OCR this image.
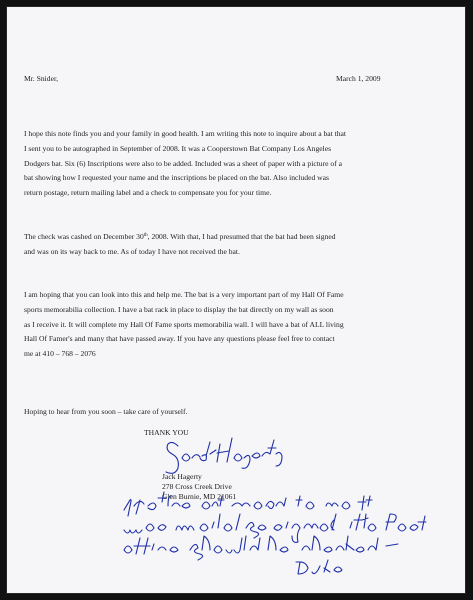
Mr. Snider,	March 1, 2009
I hope this note finds you and your family in good health. I am writing this note to inquire about a bat that
I sent you to be autographed in September of 2008. It was a Cooperstown Bat Company Los Angeles
Dodgers bat. Six (6) Inscriptions were also to be added. Included was a sheet of paper with a picture of a
bat showing how I requested your name and the inscriptions be placed on the bat. Also included was
return postage, return mailing label and a check to compensate you for your time.
The check was cashed on December 30th, 2008. With that, I had presumed that the bat had been signed
and was on its way back to me. As of today I have not received the bat.
I am hoping that you can look into this and help me. The bat is a very important part of my Hall Of Fame
sports memorabilia collection. I have a bat rack in place to display the bat directly on my wall as soon
as I receive it. It will complete my Hall Of Fame sports memorabilia wall. I will have a bat of ALL living
Hall Of Famer's and many that have passed away. If you have any questions please feel free to contact
me at 410 – 768 – 2076
Hoping to hear from you soon – take care of yourself.
THANK YOU
Jack Hagerty
278 Cross Creek Drive
Glen Burnie, MD 21061
